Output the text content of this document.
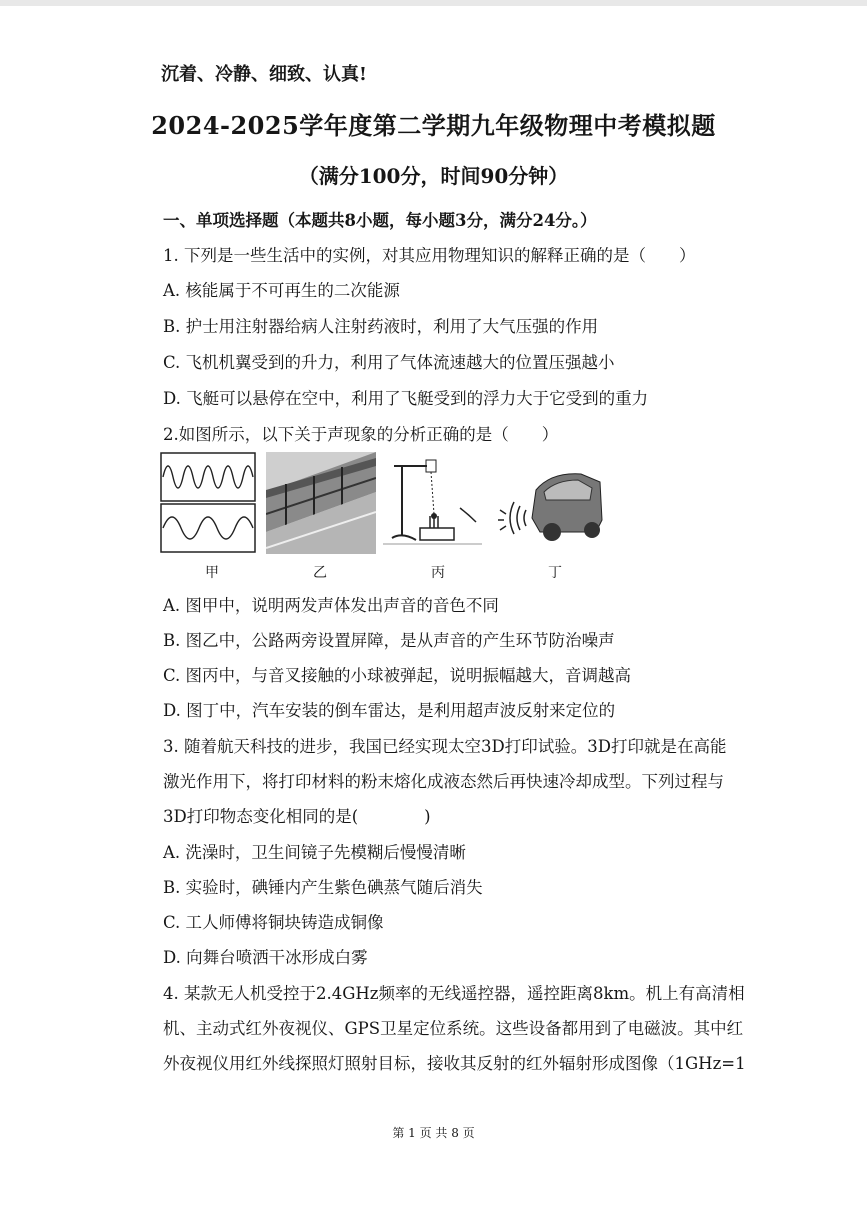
沉着、冷静、细致、认真!
2024-2025学年度第二学期九年级物理中考模拟题
（满分100分，时间90分钟）
一、单项选择题（本题共8小题，每小题3分，满分24分。）
1. 下列是一些生活中的实例，对其应用物理知识的解释正确的是（　　）
A. 核能属于不可再生的二次能源
B. 护士用注射器给病人注射药液时，利用了大气压强的作用
C. 飞机机翼受到的升力，利用了气体流速越大的位置压强越小
D. 飞艇可以悬停在空中，利用了飞艇受到的浮力大于它受到的重力
2.如图所示，以下关于声现象的分析正确的是（　　）
甲	乙	丙	丁
A. 图甲中，说明两发声体发出声音的音色不同
B. 图乙中，公路两旁设置屏障，是从声音的产生环节防治噪声
C. 图丙中，与音叉接触的小球被弹起，说明振幅越大，音调越高
D. 图丁中，汽车安装的倒车雷达，是利用超声波反射来定位的
3. 随着航天科技的进步，我国已经实现太空3D打印试验。3D打印就是在高能
激光作用下，将打印材料的粉末熔化成液态然后再快速冷却成型。下列过程与
3D打印物态变化相同的是(　　　　)
A. 洗澡时，卫生间镜子先模糊后慢慢清晰
B. 实验时，碘锤内产生紫色碘蒸气随后消失
C. 工人师傅将铜块铸造成铜像
D. 向舞台喷洒干冰形成白雾
4. 某款无人机受控于2.4GHz频率的无线遥控器，遥控距离8km。机上有高清相
机、主动式红外夜视仪、GPS卫星定位系统。这些设备都用到了电磁波。其中红
外夜视仪用红外线探照灯照射目标，接收其反射的红外辐射形成图像（1GHz=1
第 1 页 共 8 页
